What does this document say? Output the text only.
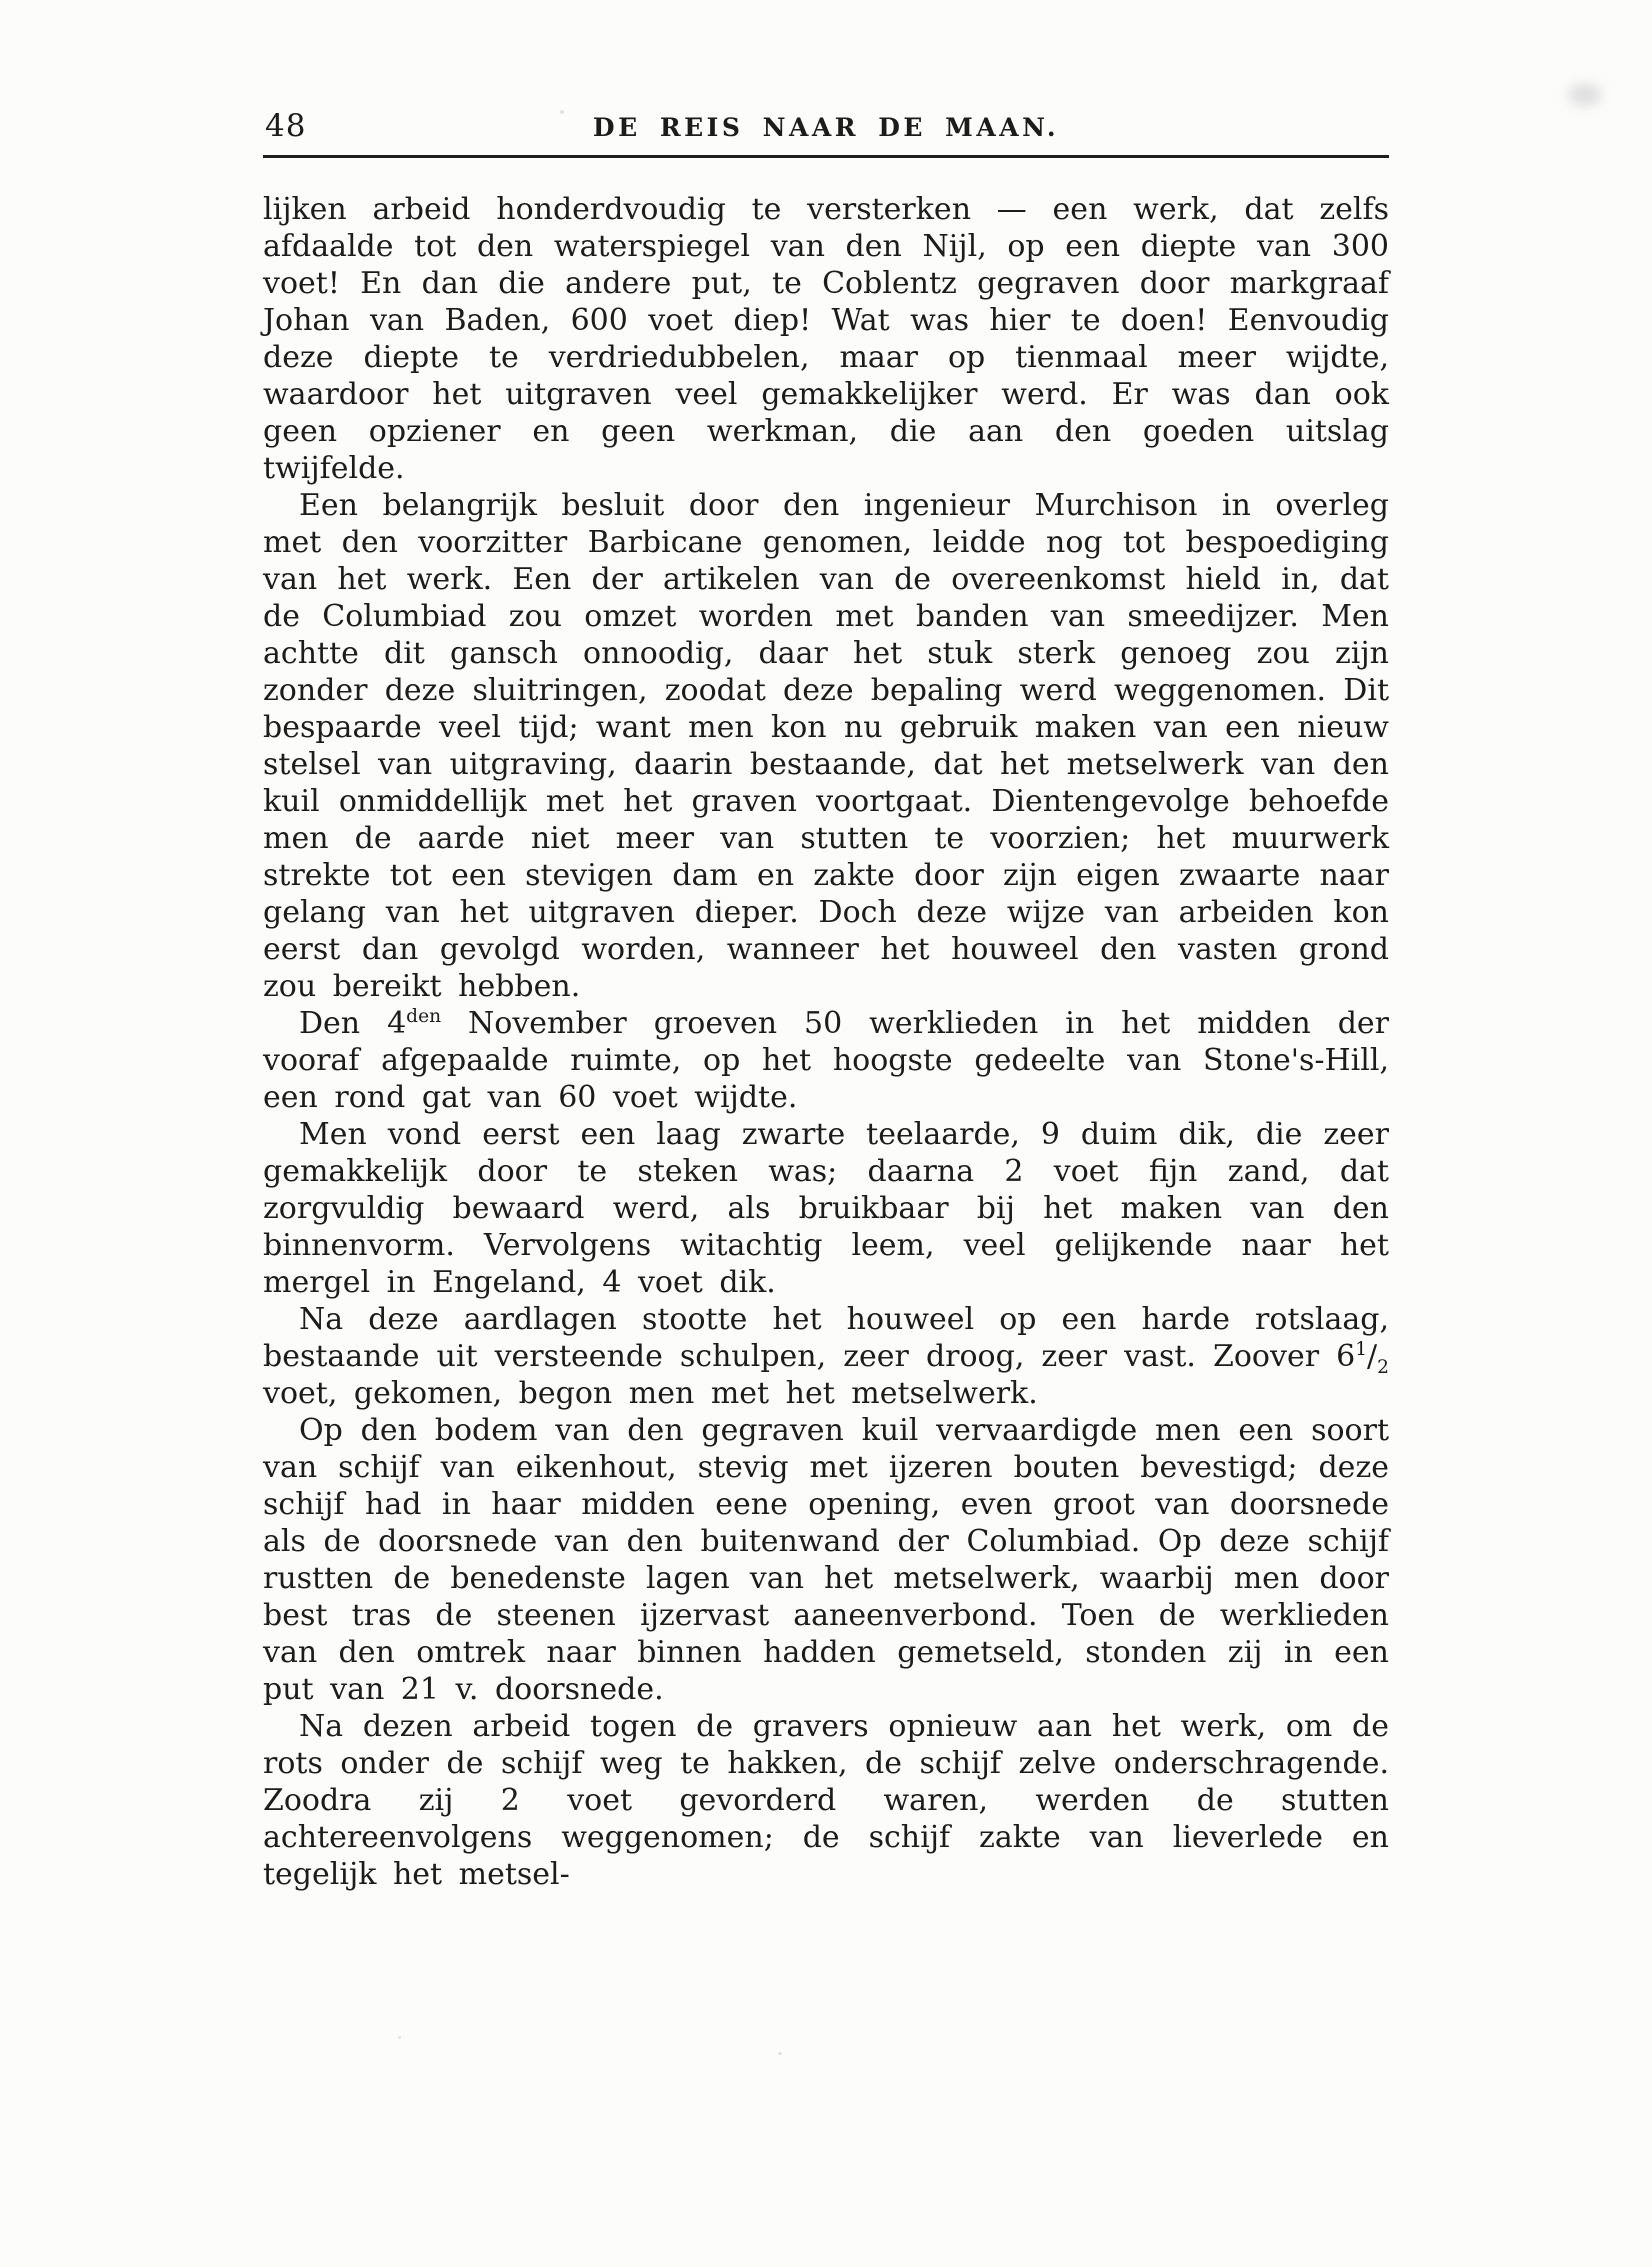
48	DE REIS NAAR DE MAAN.

lijken arbeid honderdvoudig te versterken — een werk, dat zelfs afdaalde tot den waterspiegel van den Nijl, op een diepte van 300 voet! En dan die andere put, te Coblentz gegraven door markgraaf Johan van Baden, 600 voet diep! Wat was hier te doen! Eenvoudig deze diepte te verdriedubbelen, maar op tienmaal meer wijdte, waardoor het uitgraven veel gemakkelijker werd. Er was dan ook geen opziener en geen werkman, die aan den goeden uitslag twijfelde.

Een belangrijk besluit door den ingenieur Murchison in overleg met den voorzitter Barbicane genomen, leidde nog tot bespoediging van het werk. Een der artikelen van de overeenkomst hield in, dat de Columbiad zou omzet worden met banden van smeedijzer. Men achtte dit gansch onnoodig, daar het stuk sterk genoeg zou zijn zonder deze sluitringen, zoodat deze bepaling werd weggenomen. Dit bespaarde veel tijd; want men kon nu gebruik maken van een nieuw stelsel van uitgraving, daarin bestaande, dat het metselwerk van den kuil onmiddellijk met het graven voortgaat. Dientengevolge behoefde men de aarde niet meer van stutten te voorzien; het muurwerk strekte tot een stevigen dam en zakte door zijn eigen zwaarte naar gelang van het uitgraven dieper. Doch deze wijze van arbeiden kon eerst dan gevolgd worden, wanneer het houweel den vasten grond zou bereikt hebben.

Den $4^{den}$ November groeven 50 werklieden in het midden der vooraf afgepaalde ruimte, op het hoogste gedeelte van Stone's-Hill, een rond gat van 60 voet wijdte.

Men vond eerst een laag zwarte teelaarde, 9 duim dik, die zeer gemakkelijk door te steken was; daarna 2 voet fijn zand, dat zorgvuldig bewaard werd, als bruikbaar bij het maken van den binnenvorm. Vervolgens witachtig leem, veel gelijkende naar het mergel in Engeland, 4 voet dik.

Na deze aardlagen stootte het houweel op een harde rotslaag, bestaande uit versteende schulpen, zeer droog, zeer vast. Zoover $6^1/_2$ voet, gekomen, begon men met het metselwerk.

Op den bodem van den gegraven kuil vervaardigde men een soort van schijf van eikenhout, stevig met ijzeren bouten bevestigd; deze schijf had in haar midden eene opening, even groot van doorsnede als de doorsnede van den buitenwand der Columbiad. Op deze schijf rustten de benedenste lagen van het metselwerk, waarbij men door best tras de steenen ijzervast aaneenverbond. Toen de werklieden van den omtrek naar binnen hadden gemetseld, stonden zij in een put van 21 v. doorsnede.

Na dezen arbeid togen de gravers opnieuw aan het werk, om de rots onder de schijf weg te hakken, de schijf zelve onderschragende. Zoodra zij 2 voet gevorderd waren, werden de stutten achtereenvolgens weggenomen; de schijf zakte van lieverlede en tegelijk het metsel-
